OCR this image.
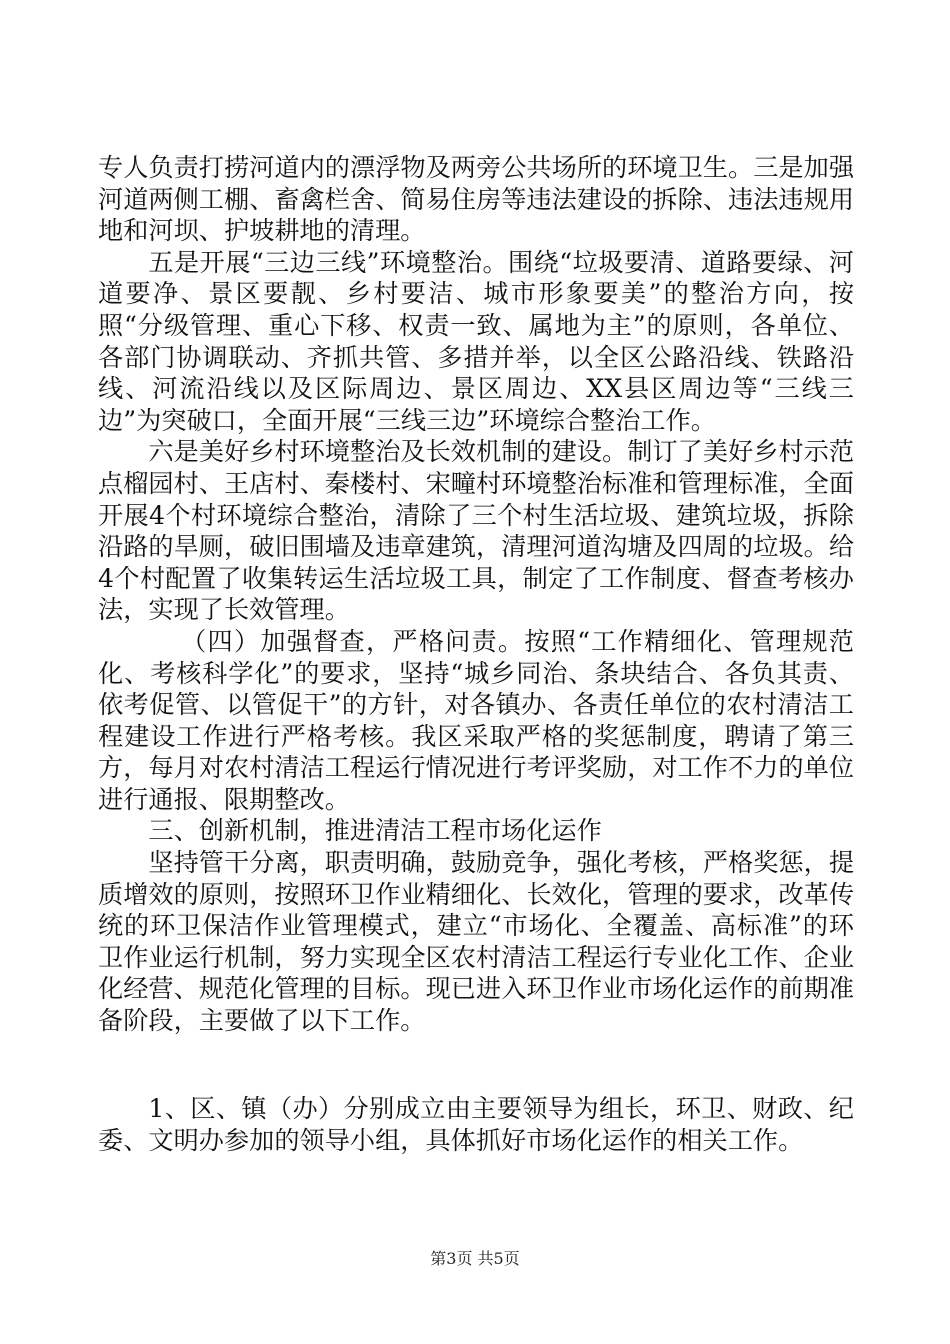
专人负责打捞河道内的漂浮物及两旁公共场所的环境卫生。三是加强河道两侧工棚、畜禽栏舍、简易住房等违法建设的拆除、违法违规用地和河坝、护坡耕地的清理。

五是开展“三边三线”环境整治。围绕“垃圾要清、道路要绿、河道要净、景区要靓、乡村要洁、城市形象要美”的整治方向，按照“分级管理、重心下移、权责一致、属地为主”的原则，各单位、各部门协调联动、齐抓共管、多措并举，以全区公路沿线、铁路沿线、河流沿线以及区际周边、景区周边、XX县区周边等“三线三边”为突破口，全面开展“三线三边”环境综合整治工作。

六是美好乡村环境整治及长效机制的建设。制订了美好乡村示范点榴园村、王店村、秦楼村、宋疃村环境整治标准和管理标准，全面开展4个村环境综合整治，清除了三个村生活垃圾、建筑垃圾，拆除沿路的旱厕，破旧围墙及违章建筑，清理河道沟塘及四周的垃圾。给4个村配置了收集转运生活垃圾工具，制定了工作制度、督查考核办法，实现了长效管理。

（四）加强督查，严格问责。按照“工作精细化、管理规范化、考核科学化”的要求，坚持“城乡同治、条块结合、各负其责、依考促管、以管促干”的方针，对各镇办、各责任单位的农村清洁工程建设工作进行严格考核。我区采取严格的奖惩制度，聘请了第三方，每月对农村清洁工程运行情况进行考评奖励，对工作不力的单位进行通报、限期整改。

三、创新机制，推进清洁工程市场化运作

坚持管干分离，职责明确，鼓励竞争，强化考核，严格奖惩，提质增效的原则，按照环卫作业精细化、长效化，管理的要求，改革传统的环卫保洁作业管理模式，建立“市场化、全覆盖、高标准”的环卫作业运行机制，努力实现全区农村清洁工程运行专业化工作、企业化经营、规范化管理的目标。现已进入环卫作业市场化运作的前期准备阶段，主要做了以下工作。

1、区、镇（办）分别成立由主要领导为组长，环卫、财政、纪委、文明办参加的领导小组，具体抓好市场化运作的相关工作。

第3页 共5页
